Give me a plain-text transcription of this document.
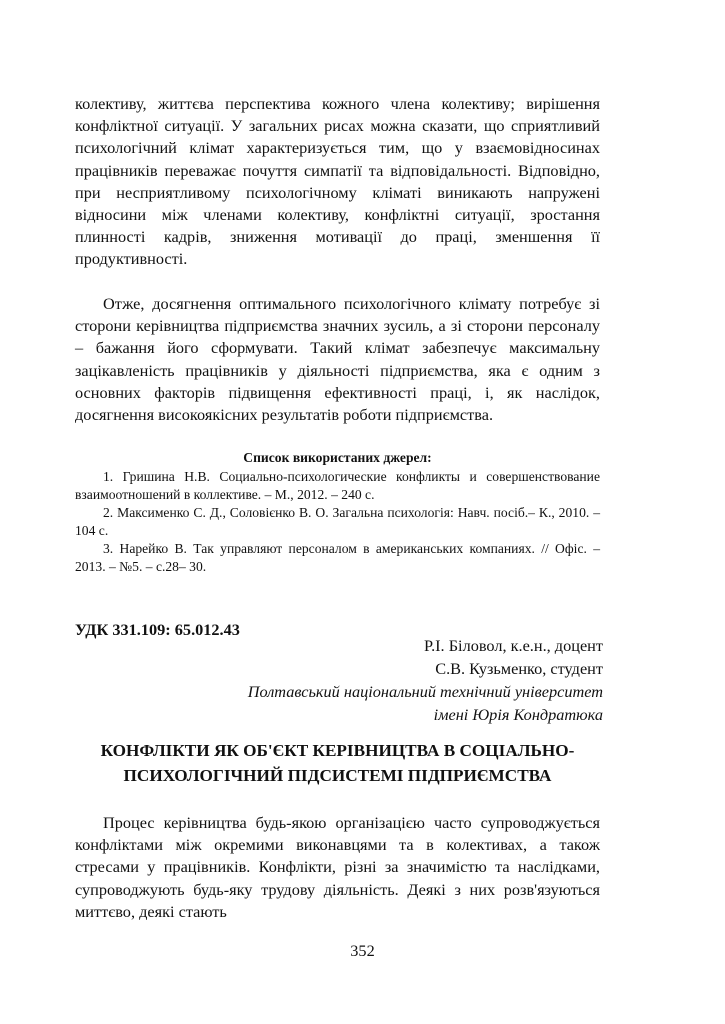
колективу, життєва перспектива кожного члена колективу; вирішення конфліктної ситуації. У загальних рисах можна сказати, що сприятливий психологічний клімат характеризується тим, що у взаємовідносинах працівників переважає почуття симпатії та відповідальності. Відповідно, при несприятливому психологічному кліматі виникають напружені відносини між членами колективу, конфліктні ситуації, зростання плинності кадрів, зниження мотивації до праці, зменшення її продуктивності.

Отже, досягнення оптимального психологічного клімату потребує зі сторони керівництва підприємства значних зусиль, а зі сторони персоналу – бажання його сформувати. Такий клімат забезпечує максимальну зацікавленість працівників у діяльності підприємства, яка є одним з основних факторів підвищення ефективності праці, і, як наслідок, досягнення високоякісних результатів роботи підприємства.

Список використаних джерел:

1. Гришина Н.В. Социально-психологические конфликты и совершенствование взаимоотношений в коллективе. – М., 2012. – 240 с.

2. Максименко С. Д., Соловієнко В. О. Загальна психологія: Навч. посіб.– К., 2010. – 104 с.

3. Нарейко В. Так управляют персоналом в американських компаниях. // Офіс. – 2013. – №5. – с.28– 30.

УДК 331.109: 65.012.43

Р.І. Біловол, к.е.н., доцент

С.В. Кузьменко, студент

Полтавський національний технічний університет

імені Юрія Кондратюка

КОНФЛІКТИ ЯК ОБ'ЄКТ КЕРІВНИЦТВА В СОЦІАЛЬНО-
ПСИХОЛОГІЧНИЙ ПІДСИСТЕМІ ПІДПРИЄМСТВА

Процес керівництва будь-якою організацією часто супроводжується конфліктами між окремими виконавцями та в колективах, а також стресами у працівників. Конфлікти, різні за значимістю та наслідками, супроводжують будь-яку трудову діяльність. Деякі з них розв'язуються миттєво, деякі стають

352
